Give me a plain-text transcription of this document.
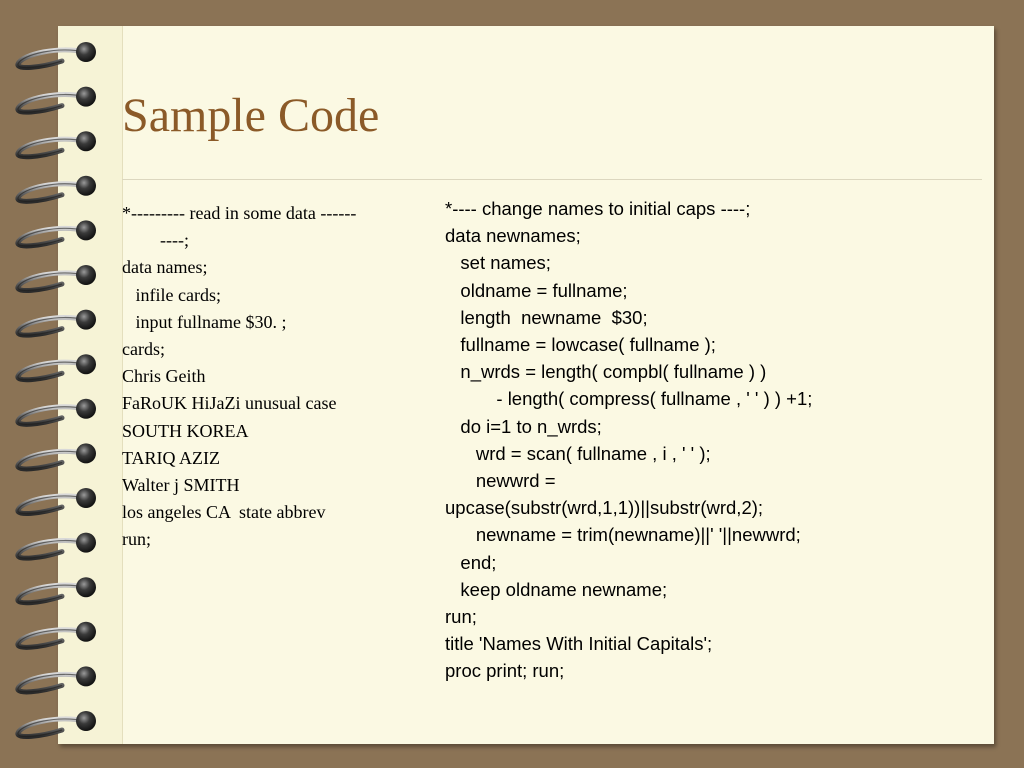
Sample Code
*--------- read in some data ------
----;
data names;
infile cards;
input fullname $30. ;
cards;
Chris Geith
FaRoUK HiJaZi unusual case
SOUTH KOREA
TARIQ AZIZ
Walter j SMITH
los angeles CA  state abbrev
run;
*---- change names to initial caps ----;
data newnames;
set names;
oldname = fullname;
length  newname  $30;
fullname = lowcase( fullname );
n_wrds = length( compbl( fullname ) )
- length( compress( fullname , ' ' ) ) +1;
do i=1 to n_wrds;
wrd = scan( fullname , i , ' ' );
newwrd =
upcase(substr(wrd,1,1))||substr(wrd,2);
newname = trim(newname)||' '||newwrd;
end;
keep oldname newname;
run;
title 'Names With Initial Capitals';
proc print; run;
